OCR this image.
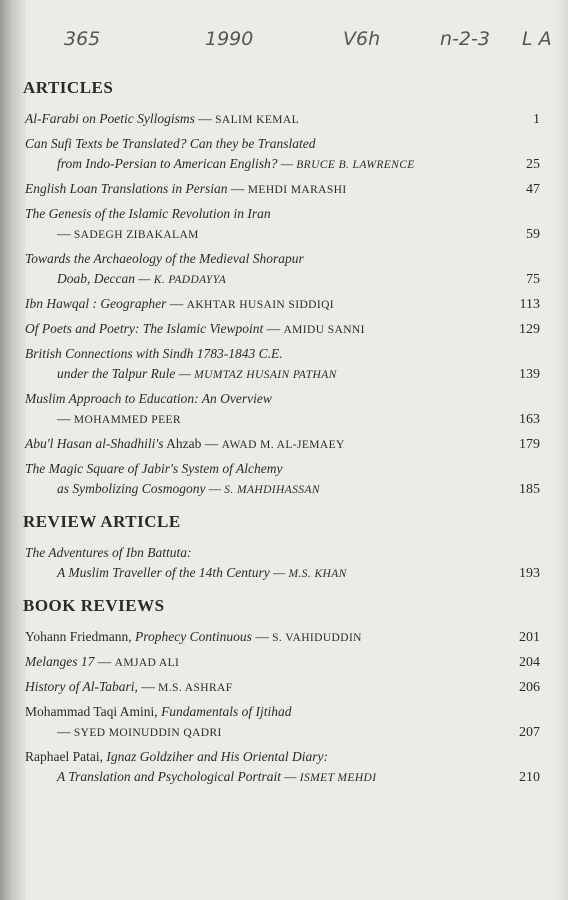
365	1990	V6h	n-2-3 L A
ARTICLES
Al-Farabi on Poetic Syllogisms — SALIM KEMAL	1
Can Sufi Texts be Translated? Can they be Translated
from Indo-Persian to American English? — BRUCE B. LAWRENCE	25
English Loan Translations in Persian — MEHDI MARASHI	47
The Genesis of the Islamic Revolution in Iran
— SADEGH ZIBAKALAM	59
Towards the Archaeology of the Medieval Shorapur
Doab, Deccan — K. PADDAYYA	75
Ibn Hawqal : Geographer — AKHTAR HUSAIN SIDDIQI	113
Of Poets and Poetry: The Islamic Viewpoint — AMIDU SANNI	129
British Connections with Sindh 1783-1843 C.E.
under the Talpur Rule — MUMTAZ HUSAIN PATHAN	139
Muslim Approach to Education: An Overview
— MOHAMMED PEER	163
Abu'l Hasan al-Shadhili's Ahzab — AWAD M. AL-JEMAEY	179
The Magic Square of Jabir's System of Alchemy
as Symbolizing Cosmogony — S. MAHDIHASSAN	185
REVIEW ARTICLE
The Adventures of Ibn Battuta:
A Muslim Traveller of the 14th Century — M.S. KHAN	193
BOOK REVIEWS
Yohann Friedmann, Prophecy Continuous — S. VAHIDUDDIN	201
Melanges 17 — AMJAD ALI	204
History of Al-Tabari, — M.S. ASHRAF	206
Mohammad Taqi Amini, Fundamentals of Ijtihad
— SYED MOINUDDIN QADRI	207
Raphael Patai, Ignaz Goldziher and His Oriental Diary:
A Translation and Psychological Portrait — ISMET MEHDI	210
